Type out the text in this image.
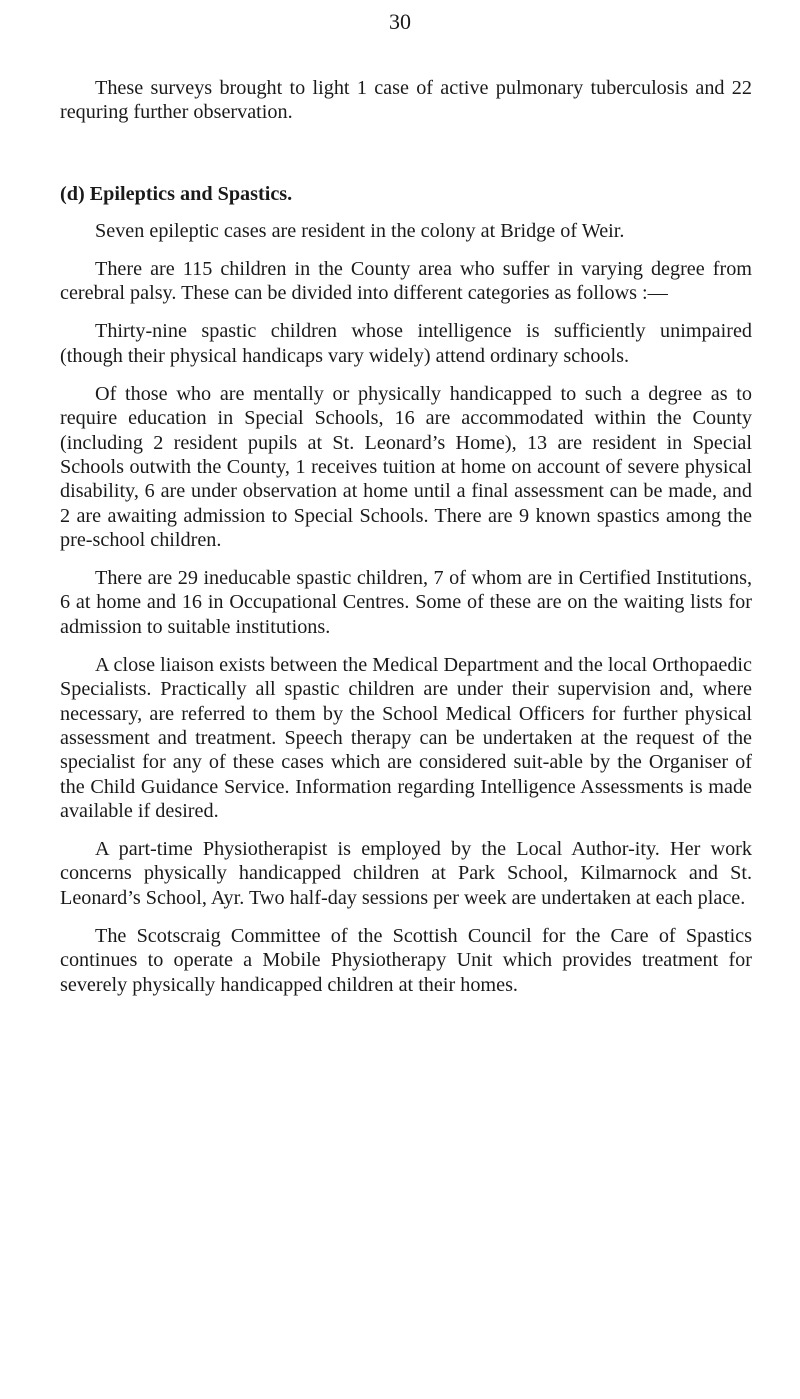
30

These surveys brought to light 1 case of active pulmonary tuberculosis and 22 requring further observation.

(d) Epileptics and Spastics.

Seven epileptic cases are resident in the colony at Bridge of Weir.

There are 115 children in the County area who suffer in varying degree from cerebral palsy. These can be divided into different categories as follows :—

Thirty-nine spastic children whose intelligence is sufficiently unimpaired (though their physical handicaps vary widely) attend ordinary schools.

Of those who are mentally or physically handicapped to such a degree as to require education in Special Schools, 16 are accommodated within the County (including 2 resident pupils at St. Leonard’s Home), 13 are resident in Special Schools outwith the County, 1 receives tuition at home on account of severe physical disability, 6 are under observation at home until a final assessment can be made, and 2 are awaiting admission to Special Schools. There are 9 known spastics among the pre-school children.

There are 29 ineducable spastic children, 7 of whom are in Certified Institutions, 6 at home and 16 in Occupational Centres. Some of these are on the waiting lists for admission to suitable institutions.

A close liaison exists between the Medical Department and the local Orthopaedic Specialists. Practically all spastic children are under their supervision and, where necessary, are referred to them by the School Medical Officers for further physical assessment and treatment. Speech therapy can be undertaken at the request of the specialist for any of these cases which are considered suit-able by the Organiser of the Child Guidance Service. Information regarding Intelligence Assessments is made available if desired.

A part-time Physiotherapist is employed by the Local Author-ity. Her work concerns physically handicapped children at Park School, Kilmarnock and St. Leonard’s School, Ayr. Two half-day sessions per week are undertaken at each place.

The Scotscraig Committee of the Scottish Council for the Care of Spastics continues to operate a Mobile Physiotherapy Unit which provides treatment for severely physically handicapped children at their homes.
